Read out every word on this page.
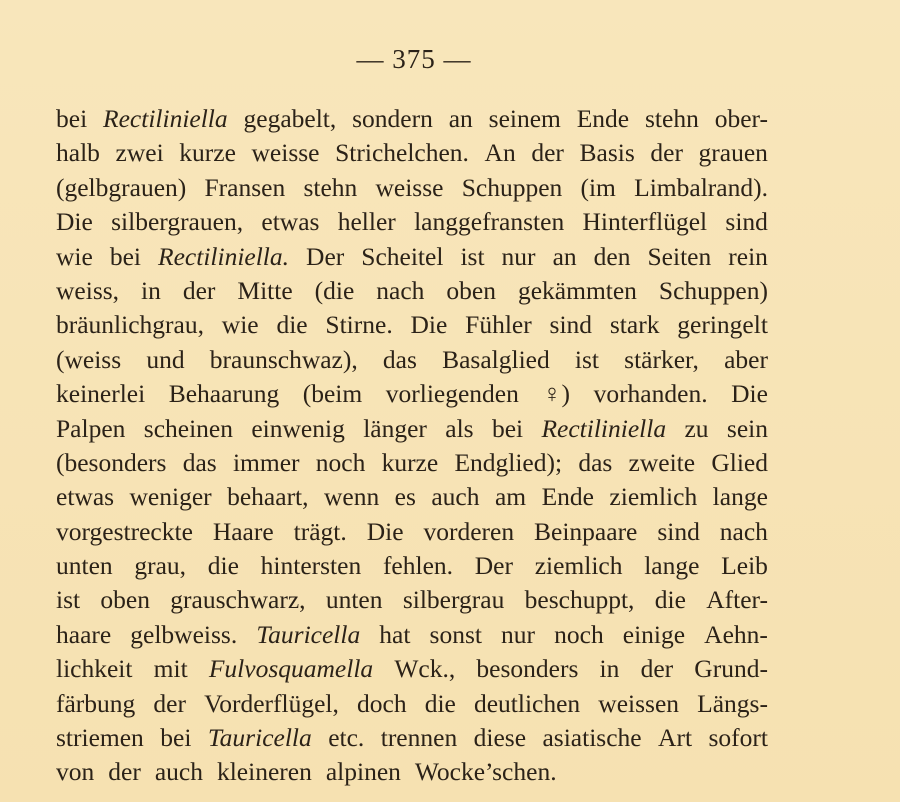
— 375 —
bei Rectiliniella gegabelt, sondern an seinem Ende stehn ober-
halb zwei kurze weisse Strichelchen. An der Basis der grauen
(gelbgrauen) Fransen stehn weisse Schuppen (im Limbalrand).
Die silbergrauen, etwas heller langgefransten Hinterflügel sind
wie bei Rectiliniella. Der Scheitel ist nur an den Seiten rein
weiss, in der Mitte (die nach oben gekämmten Schuppen)
bräunlichgrau, wie die Stirne. Die Fühler sind stark geringelt
(weiss und braunschwaz), das Basalglied ist stärker, aber
keinerlei Behaarung (beim vorliegenden ♀) vorhanden. Die
Palpen scheinen einwenig länger als bei Rectiliniella zu sein
(besonders das immer noch kurze Endglied); das zweite Glied
etwas weniger behaart, wenn es auch am Ende ziemlich lange
vorgestreckte Haare trägt. Die vorderen Beinpaare sind nach
unten grau, die hintersten fehlen. Der ziemlich lange Leib
ist oben grauschwarz, unten silbergrau beschuppt, die After-
haare gelbweiss. Tauricella hat sonst nur noch einige Aehn-
lichkeit mit Fulvosquamella Wck., besonders in der Grund-
färbung der Vorderflügel, doch die deutlichen weissen Längs-
striemen bei Tauricella etc. trennen diese asiatische Art sofort
von der auch kleineren alpinen Wocke’schen.
